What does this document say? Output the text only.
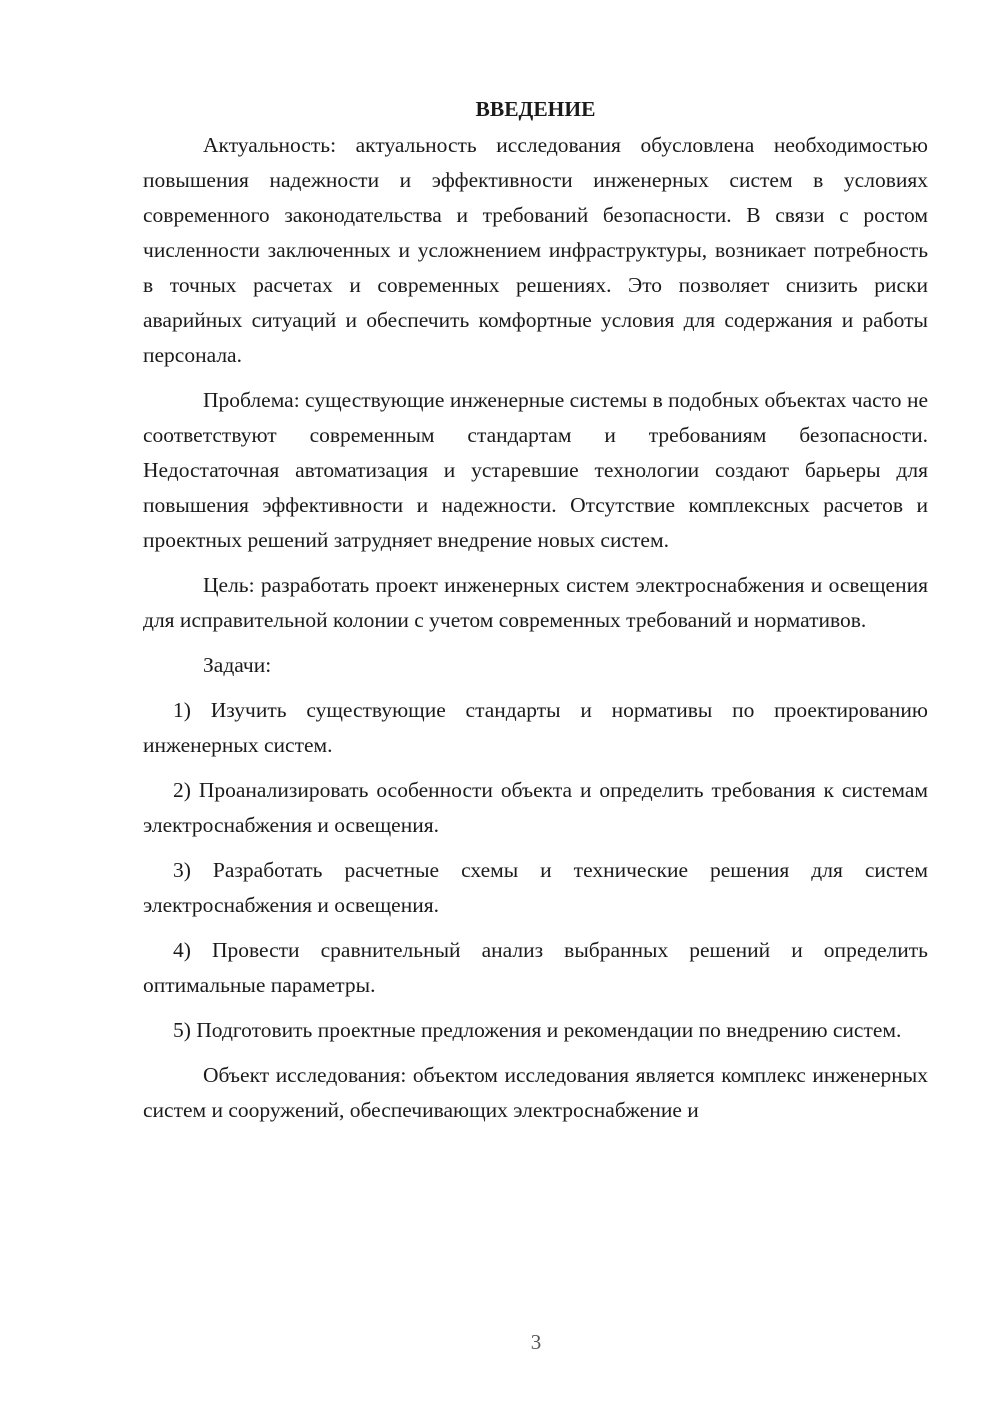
ВВЕДЕНИЕ

Актуальность: актуальность исследования обусловлена необходимостью повышения надежности и эффективности инженерных систем в условиях современного законодательства и требований безопасности. В связи с ростом численности заключенных и усложнением инфраструктуры, возникает потребность в точных расчетах и современных решениях. Это позволяет снизить риски аварийных ситуаций и обеспечить комфортные условия для содержания и работы персонала.

Проблема: существующие инженерные системы в подобных объектах часто не соответствуют современным стандартам и требованиям безопасности. Недостаточная автоматизация и устаревшие технологии создают барьеры для повышения эффективности и надежности. Отсутствие комплексных расчетов и проектных решений затрудняет внедрение новых систем.

Цель: разработать проект инженерных систем электроснабжения и освещения для исправительной колонии с учетом современных требований и нормативов.

Задачи:

1) Изучить существующие стандарты и нормативы по проектированию инженерных систем.

2) Проанализировать особенности объекта и определить требования к системам электроснабжения и освещения.

3) Разработать расчетные схемы и технические решения для систем электроснабжения и освещения.

4) Провести сравнительный анализ выбранных решений и определить оптимальные параметры.

5) Подготовить проектные предложения и рекомендации по внедрению систем.

Объект исследования: объектом исследования является комплекс инженерных систем и сооружений, обеспечивающих электроснабжение и

3
